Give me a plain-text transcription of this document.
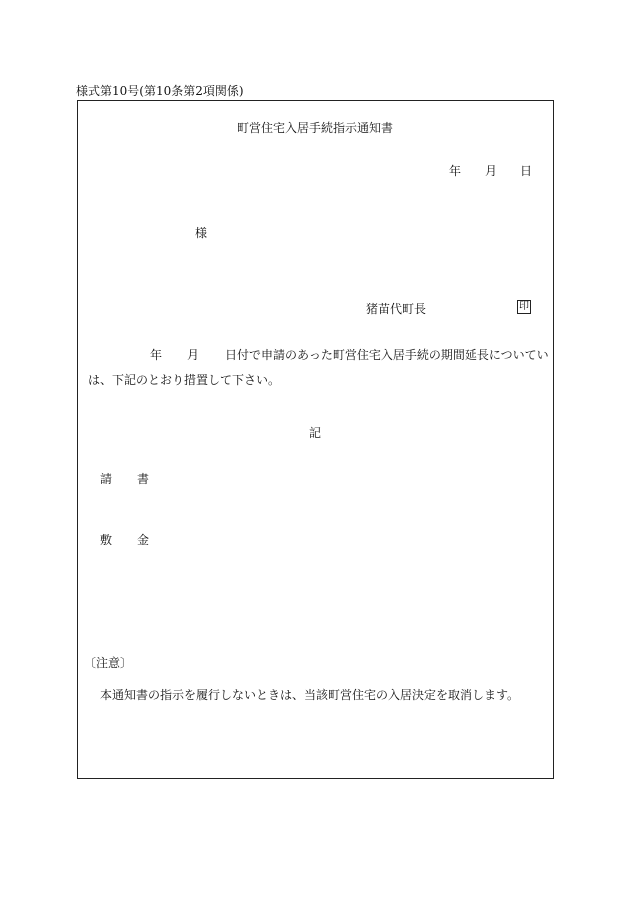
様式第10号(第10条第2項関係)
町営住宅入居手続指示通知書
年 月 日
様
猪苗代町長	印
年 月 日付で申請のあった町営住宅入居手続の期間延長についてい
は、下記のとおり措置して下さい。
記
請 書
敷 金
〔注意〕
本通知書の指示を履行しないときは、当該町営住宅の入居決定を取消します。
